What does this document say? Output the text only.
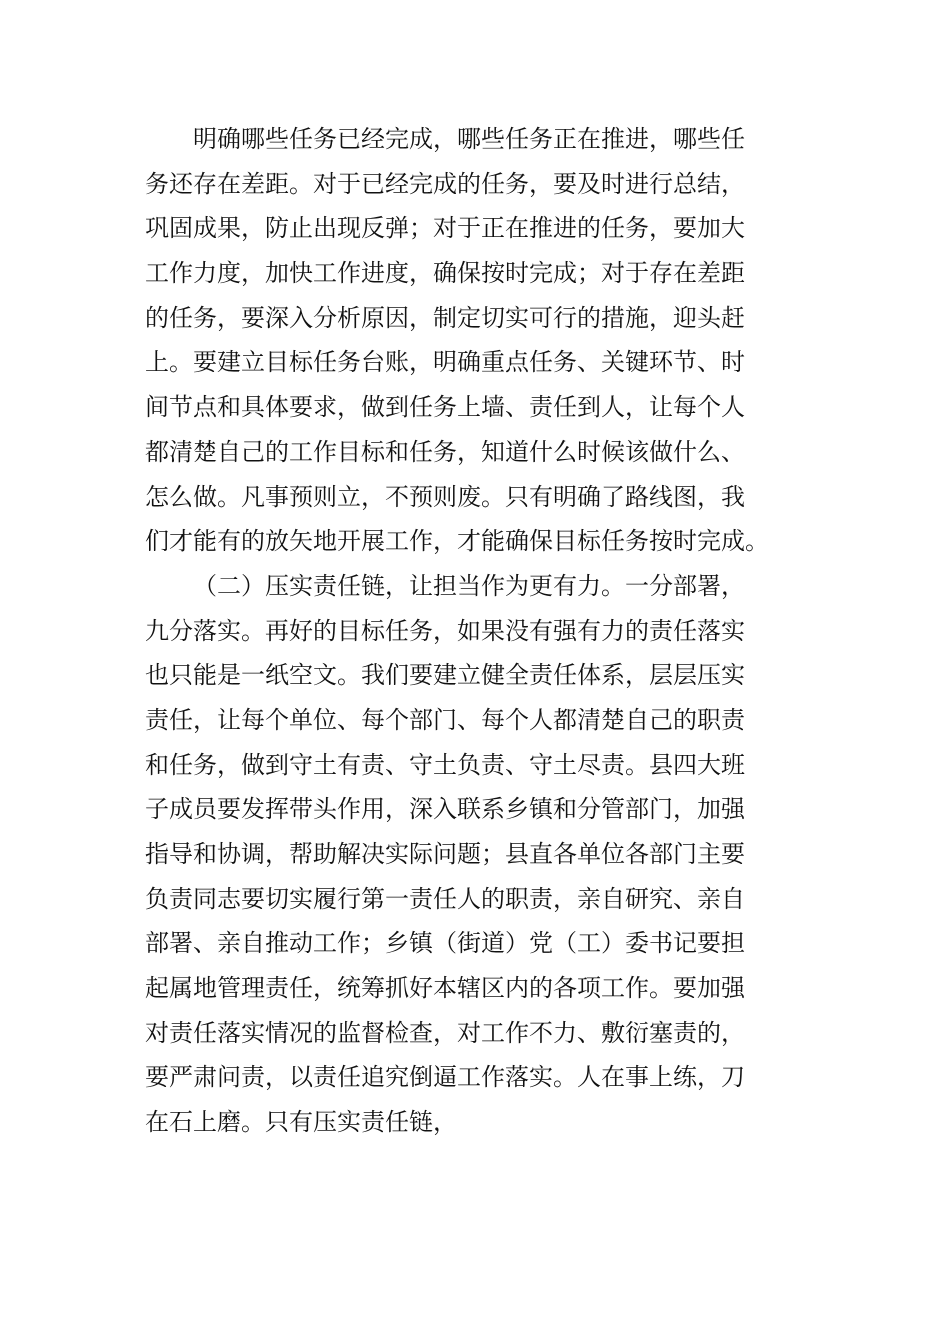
明确哪些任务已经完成，哪些任务正在推进，哪些任
务还存在差距。对于已经完成的任务，要及时进行总结，
巩固成果，防止出现反弹；对于正在推进的任务，要加大
工作力度，加快工作进度，确保按时完成；对于存在差距
的任务，要深入分析原因，制定切实可行的措施，迎头赶
上。要建立目标任务台账，明确重点任务、关键环节、时
间节点和具体要求，做到任务上墙、责任到人，让每个人
都清楚自己的工作目标和任务，知道什么时候该做什么、
怎么做。凡事预则立，不预则废。只有明确了路线图，我
们才能有的放矢地开展工作，才能确保目标任务按时完成。
（二）压实责任链，让担当作为更有力。一分部署，
九分落实。再好的目标任务，如果没有强有力的责任落实
也只能是一纸空文。我们要建立健全责任体系，层层压实
责任，让每个单位、每个部门、每个人都清楚自己的职责
和任务，做到守土有责、守土负责、守土尽责。县四大班
子成员要发挥带头作用，深入联系乡镇和分管部门，加强
指导和协调，帮助解决实际问题；县直各单位各部门主要
负责同志要切实履行第一责任人的职责，亲自研究、亲自
部署、亲自推动工作；乡镇（街道）党（工）委书记要担
起属地管理责任，统筹抓好本辖区内的各项工作。要加强
对责任落实情况的监督检查，对工作不力、敷衍塞责的，
要严肃问责，以责任追究倒逼工作落实。人在事上练，刀
在石上磨。只有压实责任链，
